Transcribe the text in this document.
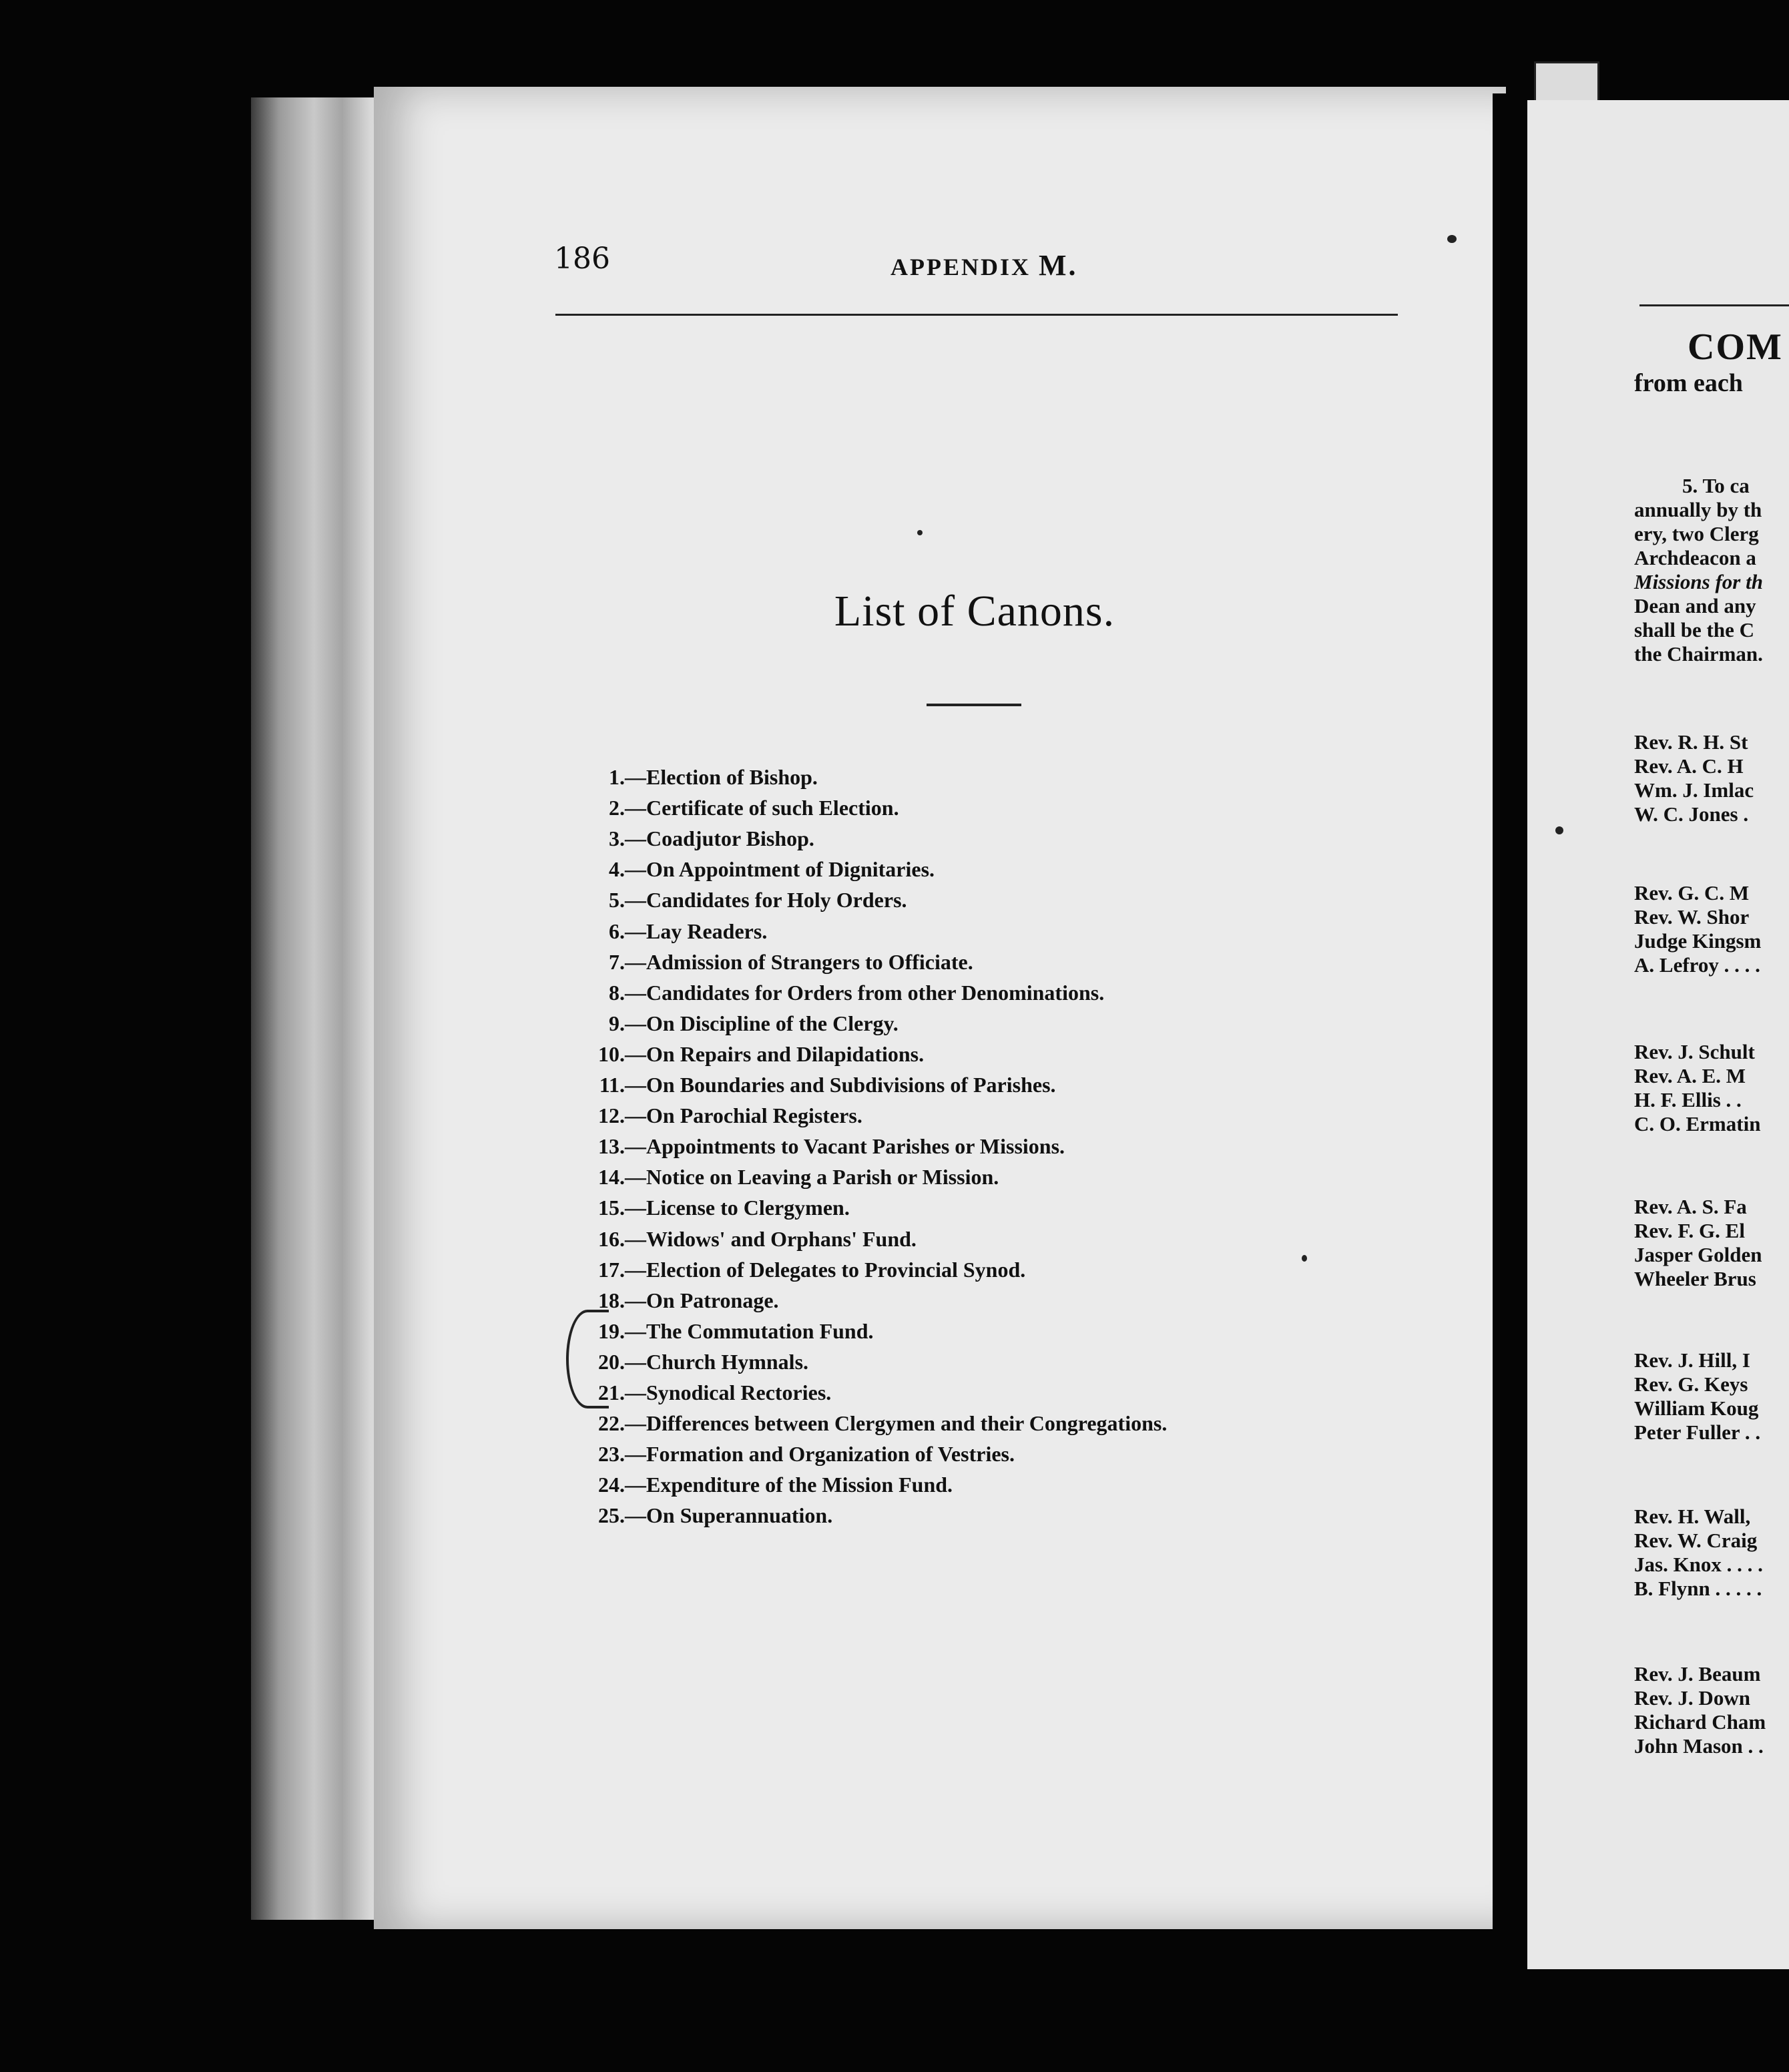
186	APPENDIX M.
List of Canons.
1.—Election of Bishop.
2.—Certificate of such Election.
3.—Coadjutor Bishop.
4.—On Appointment of Dignitaries.
5.—Candidates for Holy Orders.
6.—Lay Readers.
7.—Admission of Strangers to Officiate.
8.—Candidates for Orders from other Denominations.
9.—On Discipline of the Clergy.
10.—On Repairs and Dilapidations.
11.—On Boundaries and Subdivisions of Parishes.
12.—On Parochial Registers.
13.—Appointments to Vacant Parishes or Missions.
14.—Notice on Leaving a Parish or Mission.
15.—License to Clergymen.
16.—Widows' and Orphans' Fund.
17.—Election of Delegates to Provincial Synod.
18.—On Patronage.
19.—The Commutation Fund.
20.—Church Hymnals.
21.—Synodical Rectories.
22.—Differences between Clergymen and their Congregations.
23.—Formation and Organization of Vestries.
24.—Expenditure of the Mission Fund.
25.—On Superannuation.
COM
from each
5. To ca
annually by th
ery, two Clerg
Archdeacon a
Missions for th
Dean and any
shall be the C
the Chairman.
Rev. R. H. St
Rev. A. C. H
Wm. J. Imlac
W. C. Jones .
Rev. G. C. M
Rev. W. Shor
Judge Kingsm
A. Lefroy . . . .
Rev. J. Schult
Rev. A. E. M
H. F. Ellis . .
C. O. Ermatin
Rev. A. S. Fa
Rev. F. G. El
Jasper Golden
Wheeler Brus
Rev. J. Hill, I
Rev. G. Keys
William Koug
Peter Fuller . .
Rev. H. Wall,
Rev. W. Craig
Jas. Knox . . . .
B. Flynn . . . . .
Rev. J. Beaum
Rev. J. Down
Richard Cham
John Mason . .
